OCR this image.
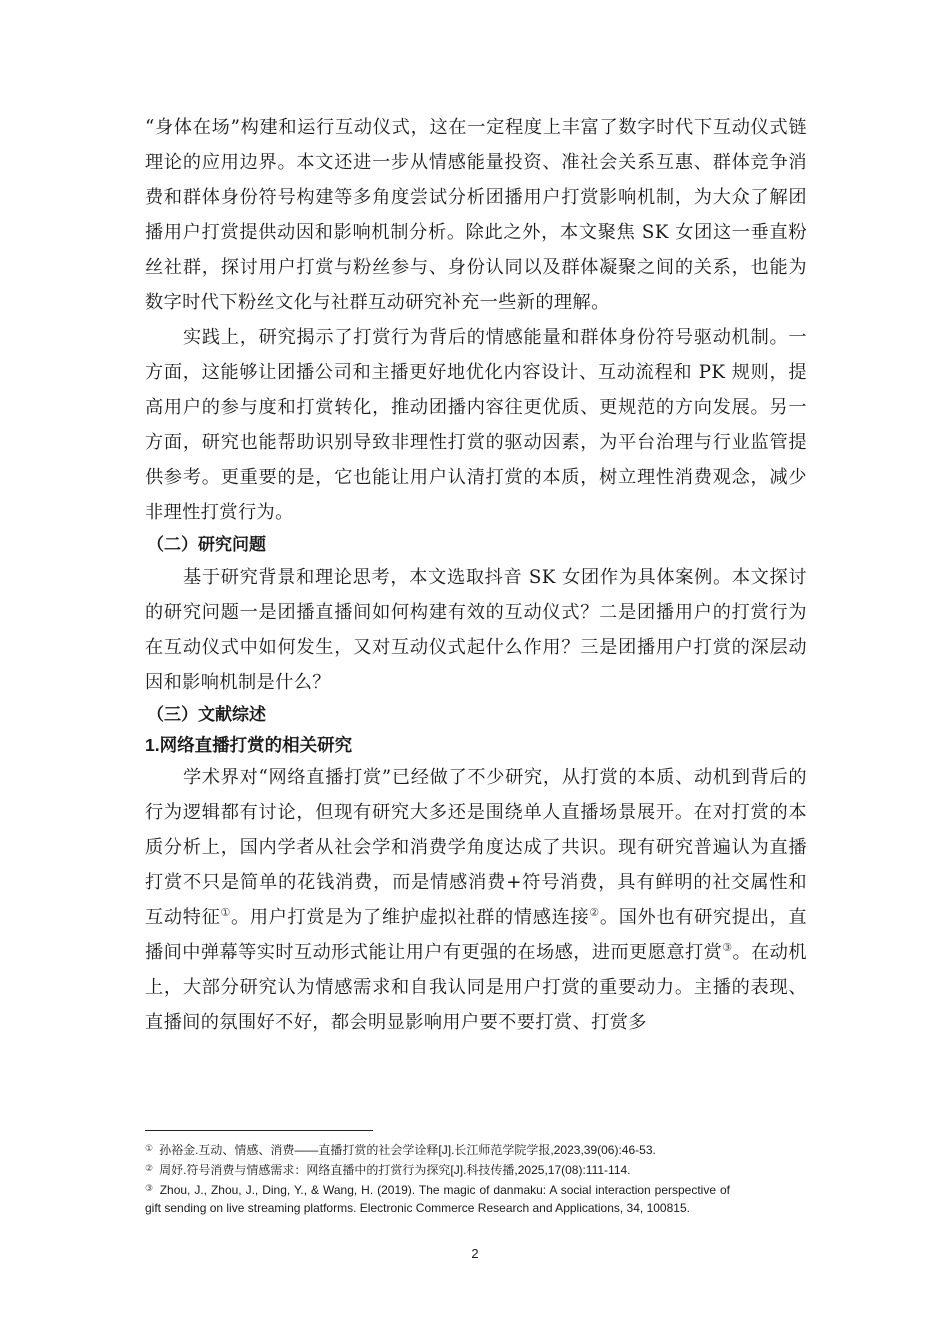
“身体在场”构建和运行互动仪式，这在一定程度上丰富了数字时代下互动仪式链理论的应用边界。本文还进一步从情感能量投资、准社会关系互惠、群体竞争消费和群体身份符号构建等多角度尝试分析团播用户打赏影响机制，为大众了解团播用户打赏提供动因和影响机制分析。除此之外，本文聚焦 SK 女团这一垂直粉丝社群，探讨用户打赏与粉丝参与、身份认同以及群体凝聚之间的关系，也能为数字时代下粉丝文化与社群互动研究补充一些新的理解。

实践上，研究揭示了打赏行为背后的情感能量和群体身份符号驱动机制。一方面，这能够让团播公司和主播更好地优化内容设计、互动流程和 PK 规则，提高用户的参与度和打赏转化，推动团播内容往更优质、更规范的方向发展。另一方面，研究也能帮助识别导致非理性打赏的驱动因素，为平台治理与行业监管提供参考。更重要的是，它也能让用户认清打赏的本质，树立理性消费观念，减少非理性打赏行为。

（二）研究问题

基于研究背景和理论思考，本文选取抖音 SK 女团作为具体案例。本文探讨的研究问题一是团播直播间如何构建有效的互动仪式？二是团播用户的打赏行为在互动仪式中如何发生，又对互动仪式起什么作用？三是团播用户打赏的深层动因和影响机制是什么？

（三）文献综述
1.网络直播打赏的相关研究

学术界对“网络直播打赏”已经做了不少研究，从打赏的本质、动机到背后的行为逻辑都有讨论，但现有研究大多还是围绕单人直播场景展开。在对打赏的本质分析上，国内学者从社会学和消费学角度达成了共识。现有研究普遍认为直播打赏不只是简单的花钱消费，而是情感消费+符号消费，具有鲜明的社交属性和互动特征①。用户打赏是为了维护虚拟社群的情感连接②。国外也有研究提出，直播间中弹幕等实时互动形式能让用户有更强的在场感，进而更愿意打赏③。在动机上，大部分研究认为情感需求和自我认同是用户打赏的重要动力。主播的表现、直播间的氛围好不好，都会明显影响用户要不要打赏、打赏多

① 孙裕金.互动、情感、消费——直播打赏的社会学诠释[J].长江师范学院学报,2023,39(06):46-53.

② 周妤.符号消费与情感需求：网络直播中的打赏行为探究[J].科技传播,2025,17(08):111-114.

③ Zhou, J., Zhou, J., Ding, Y., & Wang, H. (2019). The magic of danmaku: A social interaction perspective of gift sending on live streaming platforms. Electronic Commerce Research and Applications, 34, 100815.

2
